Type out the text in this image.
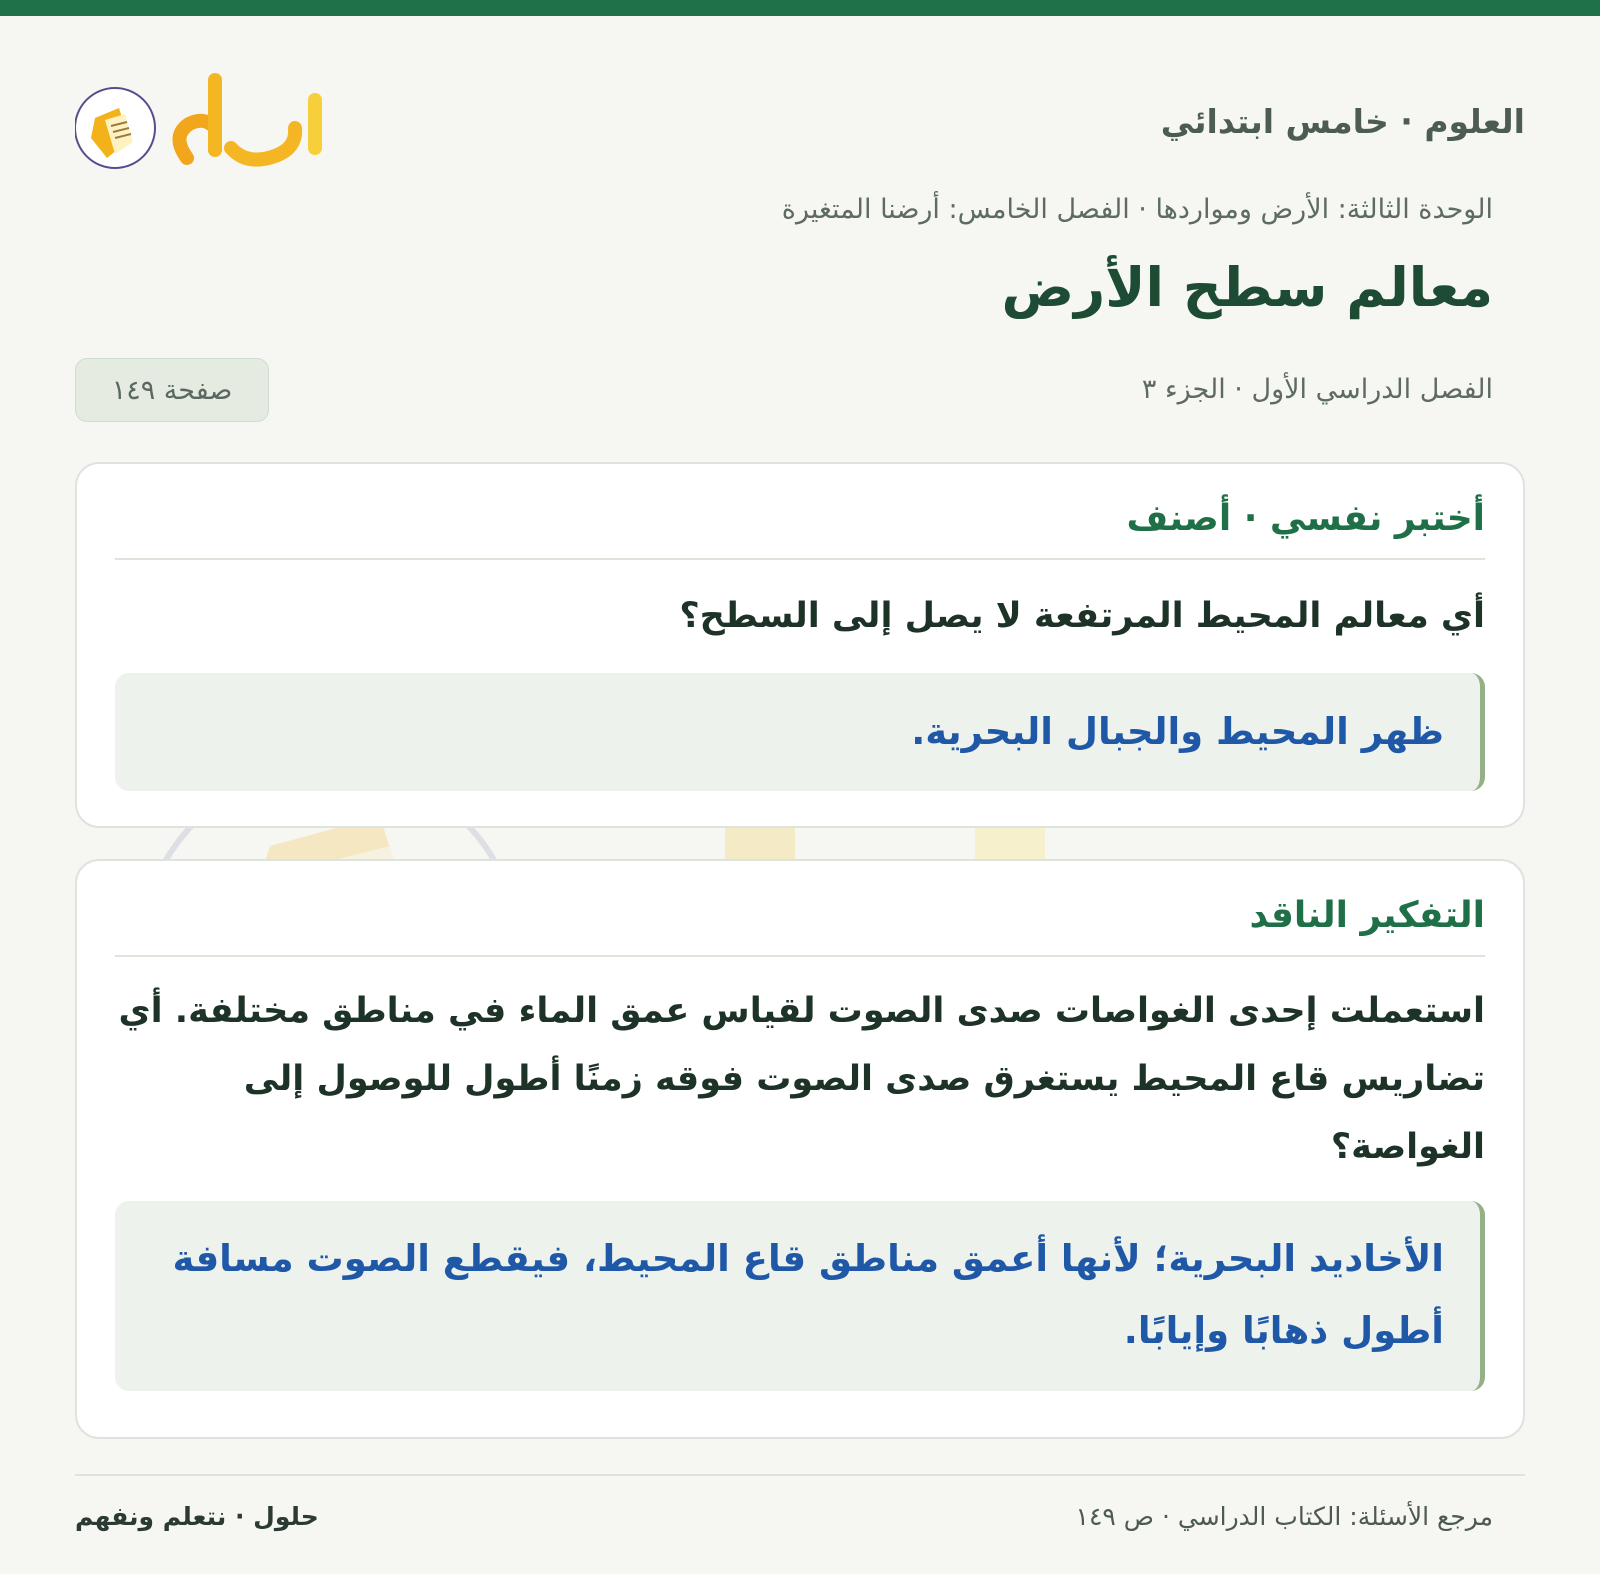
العلوم · خامس ابتدائي
الوحدة الثالثة: الأرض ومواردها · الفصل الخامس: أرضنا المتغيرة
معالم سطح الأرض
الفصل الدراسي الأول · الجزء ٣
صفحة ١٤٩
أختبر نفسي · أصنف
أي معالم المحيط المرتفعة لا يصل إلى السطح؟
ظهر المحيط والجبال البحرية.
التفكير الناقد
استعملت إحدى الغواصات صدى الصوت لقياس عمق الماء في مناطق مختلفة. أي تضاريس قاع المحيط يستغرق صدى الصوت فوقه زمنًا أطول للوصول إلى الغواصة؟
الأخاديد البحرية؛ لأنها أعمق مناطق قاع المحيط، فيقطع الصوت مسافة أطول ذهابًا وإيابًا.
مرجع الأسئلة: الكتاب الدراسي · ص ١٤٩
حلول · نتعلم ونفهم
